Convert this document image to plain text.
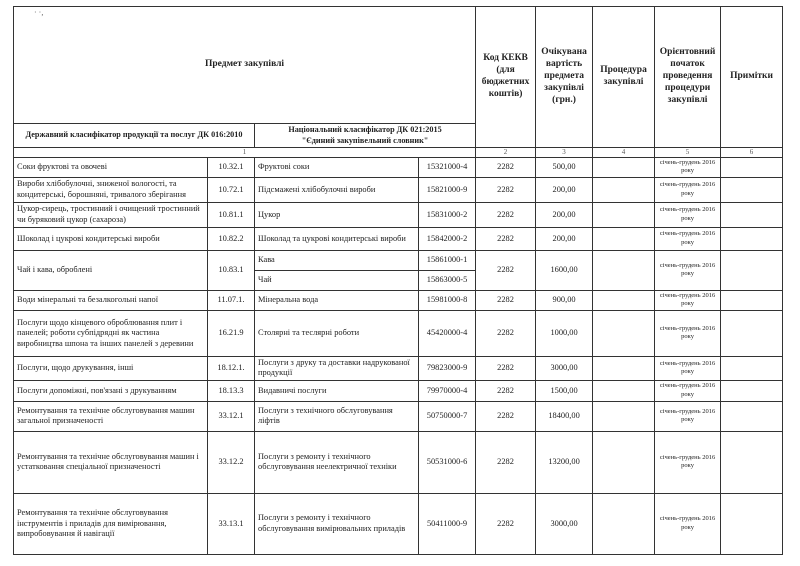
· ·,
Предмет закупівлі				Код КЕКВ (для бюджетних коштів)	Очікувана вартість предмета закупівлі (грн.)	Процедура закупівлі	Орієнтовний початок проведення процедури закупівлі	Примітки
Державний класифікатор продукції та послуг ДК 016:2010		Національний класифікатор ДК 021:2015
"Єдиний закупівельний словник"						
1				2	3	4	5	6
Соки фруктові та овочеві	10.32.1	Фруктові соки	15321000-4	2282	500,00		січень-грудень 2016 року	
Вироби хлібобулочні, зниженої вологості, та кондитерські, борошняні, тривалого зберігання	10.72.1	Підсмажені хлібобулочні вироби	15821000-9	2282	200,00		січень-грудень 2016 року	
Цукор-сирець, тростинний і очищений тростинний чи буряковий цукор (сахароза)	10.81.1	Цукор	15831000-2	2282	200,00		січень-грудень 2016 року	
Шоколад і цукрові кондитерські вироби	10.82.2	Шоколад та цукрові кондитерські вироби	15842000-2	2282	200,00		січень-грудень 2016 року	
Чай і кава, оброблені	10.83.1	Кава	15861000-1	2282	1600,00		січень-грудень 2016 року	
		Чай	15863000-5					
Води мінеральні та безалкогольні напої	11.07.1.	Мінеральна вода	15981000-8	2282	900,00		січень-грудень 2016 року	
Послуги щодо кінцевого оброблювання плит і панелей; роботи субпідрядні як частина виробництва шпона та інших панелей з деревини	16.21.9	Столярні та теслярні роботи	45420000-4	2282	1000,00		січень-грудень 2016 року	
Послуги, щодо друкування, інші	18.12.1.	Послуги з друку та доставки надрукованої продукції	79823000-9	2282	3000,00		січень-грудень 2016 року	
Послуги допоміжні, пов'язані з друкуванням	18.13.3	Видавничі послуги	79970000-4	2282	1500,00		січень-грудень 2016 року	
Ремонтування та технічне обслуговування машин загальної призначеності	33.12.1	Послуги з технічного обслуговування ліфтів	50750000-7	2282	18400,00		січень-грудень 2016 року	
Ремонтування та технічне обслуговування машин і устатковання спеціальної призначеності	33.12.2	Послуги з ремонту і технічного обслуговування неелектричної техніки	50531000-6	2282	13200,00		січень-грудень 2016 року	
Ремонтування та технічне обслуговування інструментів і приладів для вимірювання, випробовування й навігації	33.13.1	Послуги з ремонту і технічного обслуговування вимірювальних приладів	50411000-9	2282	3000,00		січень-грудень 2016 року	
